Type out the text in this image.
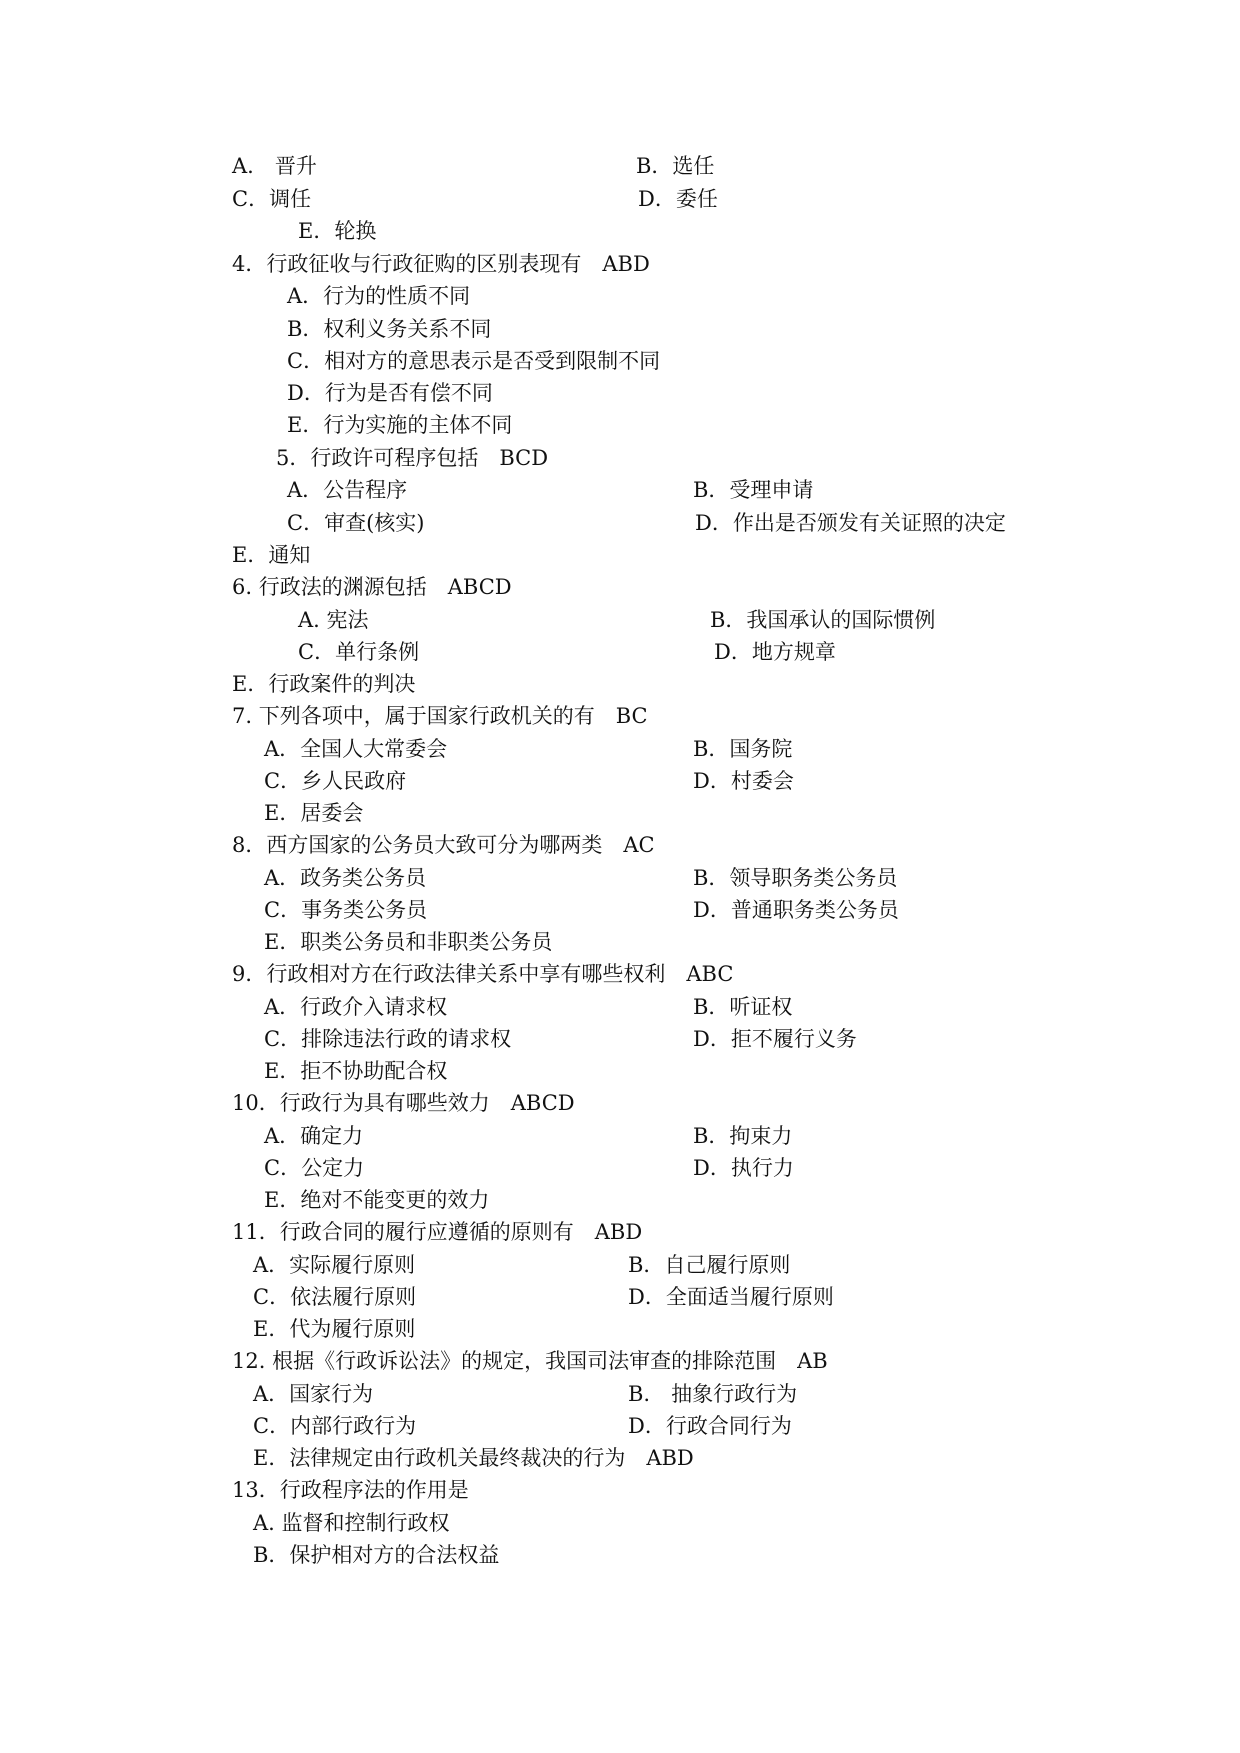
A.　晋升	B．选任
C．调任	D．委任
E．轮换
4．行政征收与行政征购的区别表现有　ABD
A．行为的性质不同
B．权利义务关系不同
C．相对方的意思表示是否受到限制不同
D．行为是否有偿不同
E．行为实施的主体不同
5．行政许可程序包括　BCD
A．公告程序	B．受理申请
C．审查(核实)	D．作出是否颁发有关证照的决定
E．通知
6. 行政法的渊源包括　ABCD
A. 宪法	B．我国承认的国际惯例
C．单行条例	D．地方规章
E．行政案件的判决
7. 下列各项中，属于国家行政机关的有　BC
A．全国人大常委会	B．国务院
C．乡人民政府	D．村委会
E．居委会
8．西方国家的公务员大致可分为哪两类　AC
A．政务类公务员	B．领导职务类公务员
C．事务类公务员	D．普通职务类公务员
E．职类公务员和非职类公务员
9．行政相对方在行政法律关系中享有哪些权利　ABC
A．行政介入请求权	B．听证权
C．排除违法行政的请求权	D．拒不履行义务
E．拒不协助配合权
10．行政行为具有哪些效力　ABCD
A．确定力	B．拘束力
C．公定力	D．执行力
E．绝对不能变更的效力
11．行政合同的履行应遵循的原则有　ABD
A．实际履行原则	B．自己履行原则
C．依法履行原则	D．全面适当履行原则
E．代为履行原则
12. 根据《行政诉讼法》的规定，我国司法审查的排除范围　AB
A．国家行为	B.　抽象行政行为
C．内部行政行为	D．行政合同行为
E．法律规定由行政机关最终裁决的行为　ABD
13．行政程序法的作用是
A. 监督和控制行政权
B．保护相对方的合法权益
